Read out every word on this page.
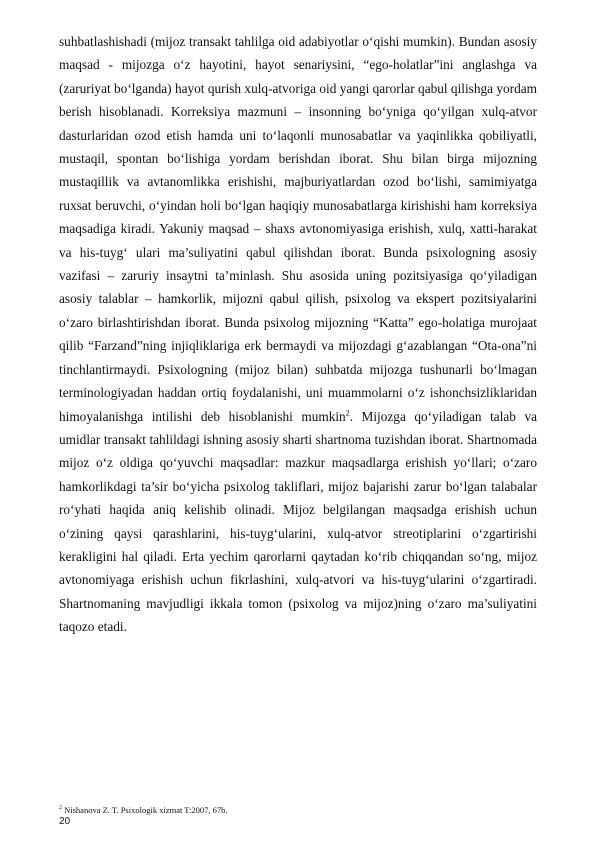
suhbatlashishadi (mijoz transakt tahlilga oid adabiyotlar o‘qishi mumkin). Bundan asosiy maqsad - mijozga o‘z hayotini, hayot senariysini, “ego-holatlar”ini anglashga va (zaruriyat bo‘lganda) hayot qurish xulq-atvoriga oid yangi qarorlar qabul qilishga yordam berish hisoblanadi. Korreksiya mazmuni – insonning bo‘yniga qo‘yilgan xulq-atvor dasturlaridan ozod etish hamda uni to‘laqonli munosabatlar va yaqinlikka qobiliyatli, mustaqil, spontan bo‘lishiga yordam berishdan iborat. Shu bilan birga mijozning mustaqillik va avtanomlikka erishishi, majburiyatlardan ozod bo‘lishi, samimiyatga ruxsat beruvchi, o‘yindan holi bo‘lgan haqiqiy munosabatlarga kirishishi ham korreksiya maqsadiga kiradi. Yakuniy maqsad – shaxs avtonomiyasiga erishish, xulq, xatti-harakat va his-tuyg‘ ulari ma’suliyatini qabul qilishdan iborat. Bunda psixologning asosiy vazifasi – zaruriy insaytni ta’minlash. Shu asosida uning pozitsiyasiga qo‘yiladigan asosiy talablar – hamkorlik, mijozni qabul qilish, psixolog va ekspert pozitsiyalarini o‘zaro birlashtirishdan iborat. Bunda psixolog mijozning “Katta” ego-holatiga murojaat qilib “Farzand”ning injiqliklariga erk bermaydi va mijozdagi g‘azablangan “Ota-ona”ni tinchlantirmaydi. Psixologning (mijoz bilan) suhbatda mijozga tushunarli bo‘lmagan terminologiyadan haddan ortiq foydalanishi, uni muammolarni o‘z ishonchsizliklaridan himoyalanishga intilishi deb hisoblanishi mumkin$^2$. Mijozga qo‘yiladigan talab va umidlar transakt tahlildagi ishning asosiy sharti shartnoma tuzishdan iborat. Shartnomada mijoz o‘z oldiga qo‘yuvchi maqsadlar: mazkur maqsadlarga erishish yo‘llari; o‘zaro hamkorlikdagi ta’sir bo‘yicha psixolog takliflari, mijoz bajarishi zarur bo‘lgan talabalar ro‘yhati haqida aniq kelishib olinadi. Mijoz belgilangan maqsadga erishish uchun o‘zining qaysi qarashlarini, his-tuyg‘ularini, xulq-atvor streotiplarini o‘zgartirishi kerakligini hal qiladi. Erta yechim qarorlarni qaytadan ko‘rib chiqqandan so‘ng, mijoz avtonomiyaga erishish uchun fikrlashini, xulq-atvori va his-tuyg‘ularini o‘zgartiradi. Shartnomaning mavjudligi ikkala tomon (psixolog va mijoz)ning o‘zaro ma’suliyatini taqozo etadi.

$^2$ Nishanova Z. T. Psixologik xizmat T:2007, 67b.

20
